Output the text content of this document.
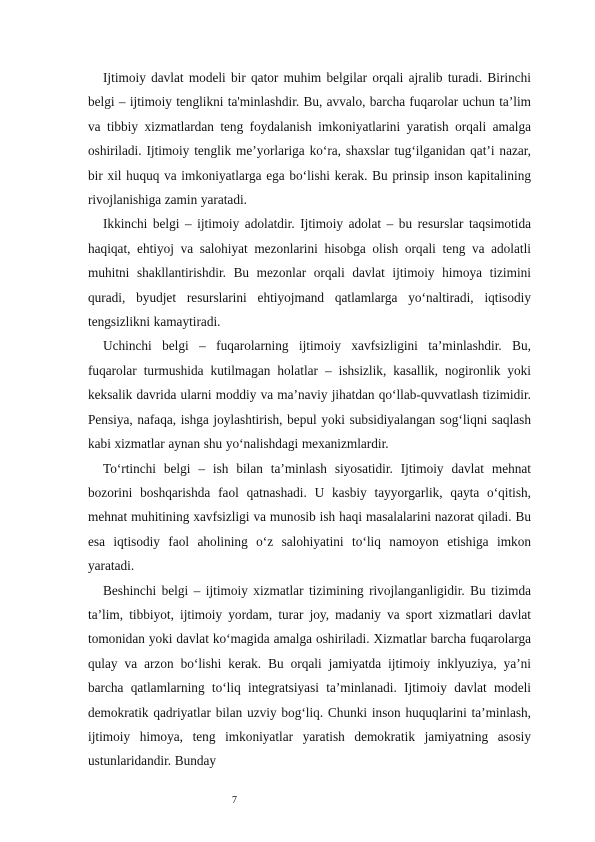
Ijtimoiy davlat modeli bir qator muhim belgilar orqali ajralib turadi. Birinchi belgi – ijtimoiy tenglikni ta'minlashdir. Bu, avvalo, barcha fuqarolar uchun ta’lim va tibbiy xizmatlardan teng foydalanish imkoniyatlarini yaratish orqali amalga oshiriladi. Ijtimoiy tenglik me’yorlariga ko‘ra, shaxslar tug‘ilganidan qat’i nazar, bir xil huquq va imkoniyatlarga ega bo‘lishi kerak. Bu prinsip inson kapitalining rivojlanishiga zamin yaratadi.

Ikkinchi belgi – ijtimoiy adolatdir. Ijtimoiy adolat – bu resurslar taqsimotida haqiqat, ehtiyoj va salohiyat mezonlarini hisobga olish orqali teng va adolatli muhitni shakllantirishdir. Bu mezonlar orqali davlat ijtimoiy himoya tizimini quradi, byudjet resurslarini ehtiyojmand qatlamlarga yo‘naltiradi, iqtisodiy tengsizlikni kamaytiradi.

Uchinchi belgi – fuqarolarning ijtimoiy xavfsizligini ta’minlashdir. Bu, fuqarolar turmushida kutilmagan holatlar – ishsizlik, kasallik, nogironlik yoki keksalik davrida ularni moddiy va ma’naviy jihatdan qo‘llab-quvvatlash tizimidir. Pensiya, nafaqa, ishga joylashtirish, bepul yoki subsidiyalangan sog‘liqni saqlash kabi xizmatlar aynan shu yo‘nalishdagi mexanizmlardir.

To‘rtinchi belgi – ish bilan ta’minlash siyosatidir. Ijtimoiy davlat mehnat bozorini boshqarishda faol qatnashadi. U kasbiy tayyorgarlik, qayta o‘qitish, mehnat muhitining xavfsizligi va munosib ish haqi masalalarini nazorat qiladi. Bu esa iqtisodiy faol aholining o‘z salohiyatini to‘liq namoyon etishiga imkon yaratadi.

Beshinchi belgi – ijtimoiy xizmatlar tizimining rivojlanganligidir. Bu tizimda ta’lim, tibbiyot, ijtimoiy yordam, turar joy, madaniy va sport xizmatlari davlat tomonidan yoki davlat ko‘magida amalga oshiriladi. Xizmatlar barcha fuqarolarga qulay va arzon bo‘lishi kerak. Bu orqali jamiyatda ijtimoiy inklyuziya, ya’ni barcha qatlamlarning to‘liq integratsiyasi ta’minlanadi. Ijtimoiy davlat modeli demokratik qadriyatlar bilan uzviy bog‘liq. Chunki inson huquqlarini ta’minlash, ijtimoiy himoya, teng imkoniyatlar yaratish demokratik jamiyatning asosiy ustunlaridandir. Bunday

7
